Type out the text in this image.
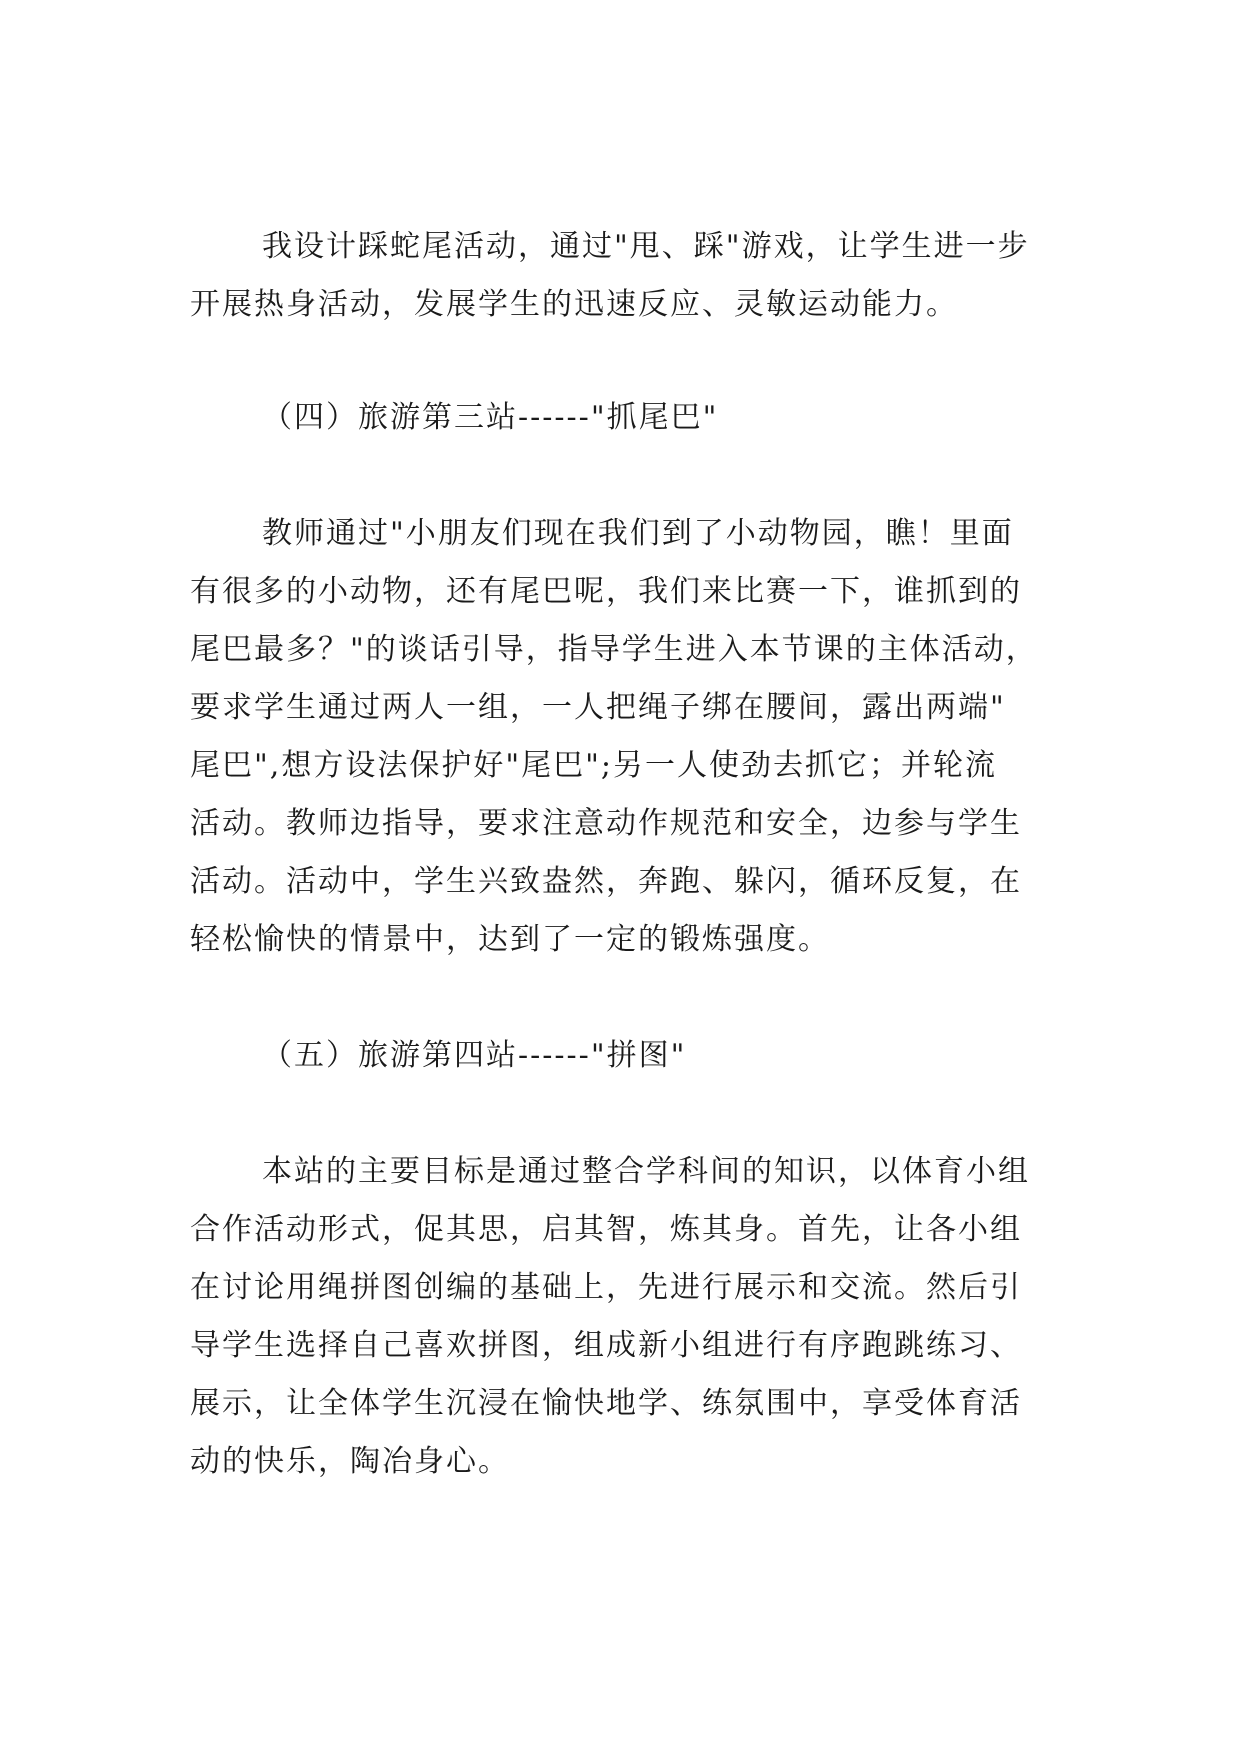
我设计踩蛇尾活动，通过"甩、踩"游戏，让学生进一步
开展热身活动，发展学生的迅速反应、灵敏运动能力。
（四）旅游第三站------"抓尾巴"
教师通过"小朋友们现在我们到了小动物园，瞧！里面
有很多的小动物，还有尾巴呢，我们来比赛一下，谁抓到的
尾巴最多？"的谈话引导，指导学生进入本节课的主体活动，
要求学生通过两人一组，一人把绳子绑在腰间，露出两端"
尾巴",想方设法保护好"尾巴";另一人使劲去抓它；并轮流
活动。教师边指导，要求注意动作规范和安全，边参与学生
活动。活动中，学生兴致盎然，奔跑、躲闪，循环反复，在
轻松愉快的情景中，达到了一定的锻炼强度。
（五）旅游第四站------"拼图"
本站的主要目标是通过整合学科间的知识，以体育小组
合作活动形式，促其思，启其智，炼其身。首先，让各小组
在讨论用绳拼图创编的基础上，先进行展示和交流。然后引
导学生选择自己喜欢拼图，组成新小组进行有序跑跳练习、
展示，让全体学生沉浸在愉快地学、练氛围中，享受体育活
动的快乐，陶冶身心。
